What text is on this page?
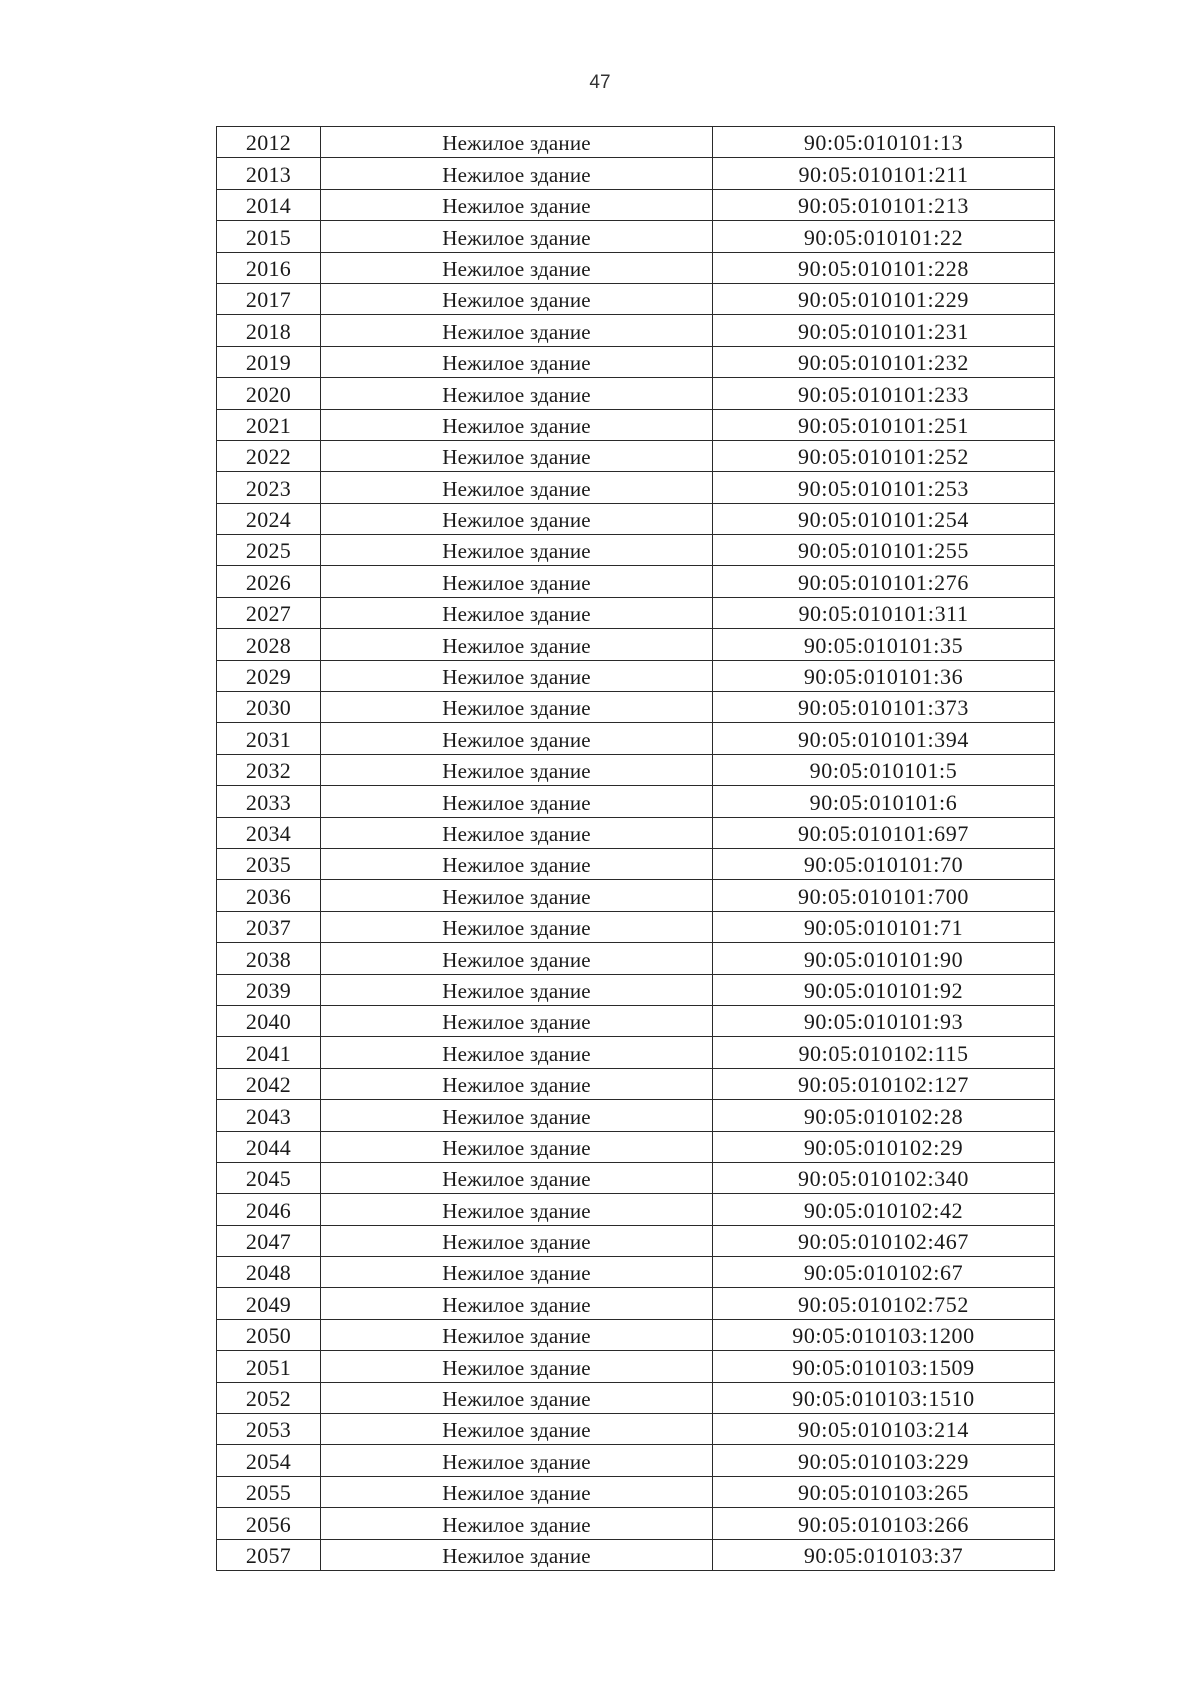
47
2012	Нежилое здание	90:05:010101:13
2013	Нежилое здание	90:05:010101:211
2014	Нежилое здание	90:05:010101:213
2015	Нежилое здание	90:05:010101:22
2016	Нежилое здание	90:05:010101:228
2017	Нежилое здание	90:05:010101:229
2018	Нежилое здание	90:05:010101:231
2019	Нежилое здание	90:05:010101:232
2020	Нежилое здание	90:05:010101:233
2021	Нежилое здание	90:05:010101:251
2022	Нежилое здание	90:05:010101:252
2023	Нежилое здание	90:05:010101:253
2024	Нежилое здание	90:05:010101:254
2025	Нежилое здание	90:05:010101:255
2026	Нежилое здание	90:05:010101:276
2027	Нежилое здание	90:05:010101:311
2028	Нежилое здание	90:05:010101:35
2029	Нежилое здание	90:05:010101:36
2030	Нежилое здание	90:05:010101:373
2031	Нежилое здание	90:05:010101:394
2032	Нежилое здание	90:05:010101:5
2033	Нежилое здание	90:05:010101:6
2034	Нежилое здание	90:05:010101:697
2035	Нежилое здание	90:05:010101:70
2036	Нежилое здание	90:05:010101:700
2037	Нежилое здание	90:05:010101:71
2038	Нежилое здание	90:05:010101:90
2039	Нежилое здание	90:05:010101:92
2040	Нежилое здание	90:05:010101:93
2041	Нежилое здание	90:05:010102:115
2042	Нежилое здание	90:05:010102:127
2043	Нежилое здание	90:05:010102:28
2044	Нежилое здание	90:05:010102:29
2045	Нежилое здание	90:05:010102:340
2046	Нежилое здание	90:05:010102:42
2047	Нежилое здание	90:05:010102:467
2048	Нежилое здание	90:05:010102:67
2049	Нежилое здание	90:05:010102:752
2050	Нежилое здание	90:05:010103:1200
2051	Нежилое здание	90:05:010103:1509
2052	Нежилое здание	90:05:010103:1510
2053	Нежилое здание	90:05:010103:214
2054	Нежилое здание	90:05:010103:229
2055	Нежилое здание	90:05:010103:265
2056	Нежилое здание	90:05:010103:266
2057	Нежилое здание	90:05:010103:37
